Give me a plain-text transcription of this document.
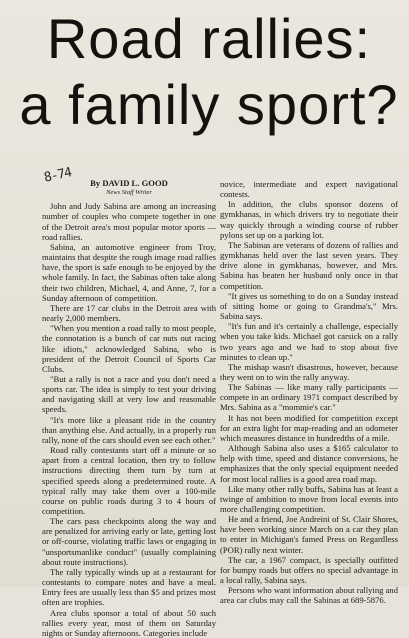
Road rallies:
a family sport?
8-74	By DAVID L. GOOD

News Staff Writer

John and Judy Sabina are among an increasing number of couples who compete together in one of the Detroit area's most popular motor sports — road rallies.

Sabina, an automotive engineer from Troy, maintains that despite the rough image road rallies have, the sport is safe enough to be enjoyed by the whole family. In fact, the Sabinas often take along their two children, Michael, 4, and Anne, 7, for a Sunday afternoon of competition.

There are 17 car clubs in the Detroit area with nearly 2,000 members.

"When you mention a road rally to most people, the connotation is a bunch of car nuts out racing like idiots," acknowledged Sabina, who is president of the Detroit Council of Sports Car Clubs.

"But a rally is not a race and you don't need a sports car. The idea is simply to test your driving and navigating skill at very low and reasonable speeds.

"It's more like a pleasant ride in the country than anything else. And actually, in a properly run rally, none of the cars should even see each other."

Road rally contestants start off a minute or so apart from a central location, then try to follow instructions directing them turn by turn at specified speeds along a predetermined route. A typical rally may take them over a 100-mile course on public roads during 3 to 4 hours of competition.

The cars pass checkpoints along the way and are penalized for arriving early or late, getting lost or off-course, violating traffic laws or engaging in "unsportsmanlike conduct" (usually complaining about route instructions).

The rally typically winds up at a restaurant for contestants to compare notes and have a meal. Entry fees are usually less than $5 and prizes most often are trophies.

Area clubs sponsor a total of about 50 such rallies every year, most of them on Saturday nights or Sunday afternoons. Categories include

novice, intermediate and expert navigational contests.

In addition, the clubs sponsor dozens of gymkhanas, in which drivers try to negotiate their way quickly through a winding course of rubber pylons set up on a parking lot.

The Sabinas are veterans of dozens of rallies and gymkhanas held over the last seven years. They drive alone in gymkhanas, however, and Mrs. Sabina has beaten her husband only once in that competition.

"It gives us something to do on a Sunday instead of sitting home or going to Grandma's," Mrs. Sabina says.

"It's fun and it's certainly a challenge, especially when you take kids. Michael got carsick on a rally two years ago and we had to stop about five minutes to clean up."

The mishap wasn't disastrous, however, because they went on to win the rally anyway.

The Sabinas — like many rally participants — compete in an ordinary 1971 compact described by Mrs. Sabina as a "mommie's car."

It has not been modified for competition except for an extra light for map-reading and an odometer which measures distance in hundredths of a mile.

Although Sabina also uses a $165 calculator to help with time, speed and distance conversions, he emphasizes that the only special equipment needed for most local rallies is a good area road map.

Like many other rally buffs, Sabina has at least a twinge of ambition to move from local events into more challenging competition.

He and a friend, Joe Andreini of St. Clair Shores, have been working since March on a car they plan to enter in Michigan's famed Press on Regardless (POR) rally next winter.

The car, a 1967 compact, is specially outfitted for bumpy roads but offers no special advantage in a local rally, Sabina says.

Persons who want information about rallying and area car clubs may call the Sabinas at 689-5876.
